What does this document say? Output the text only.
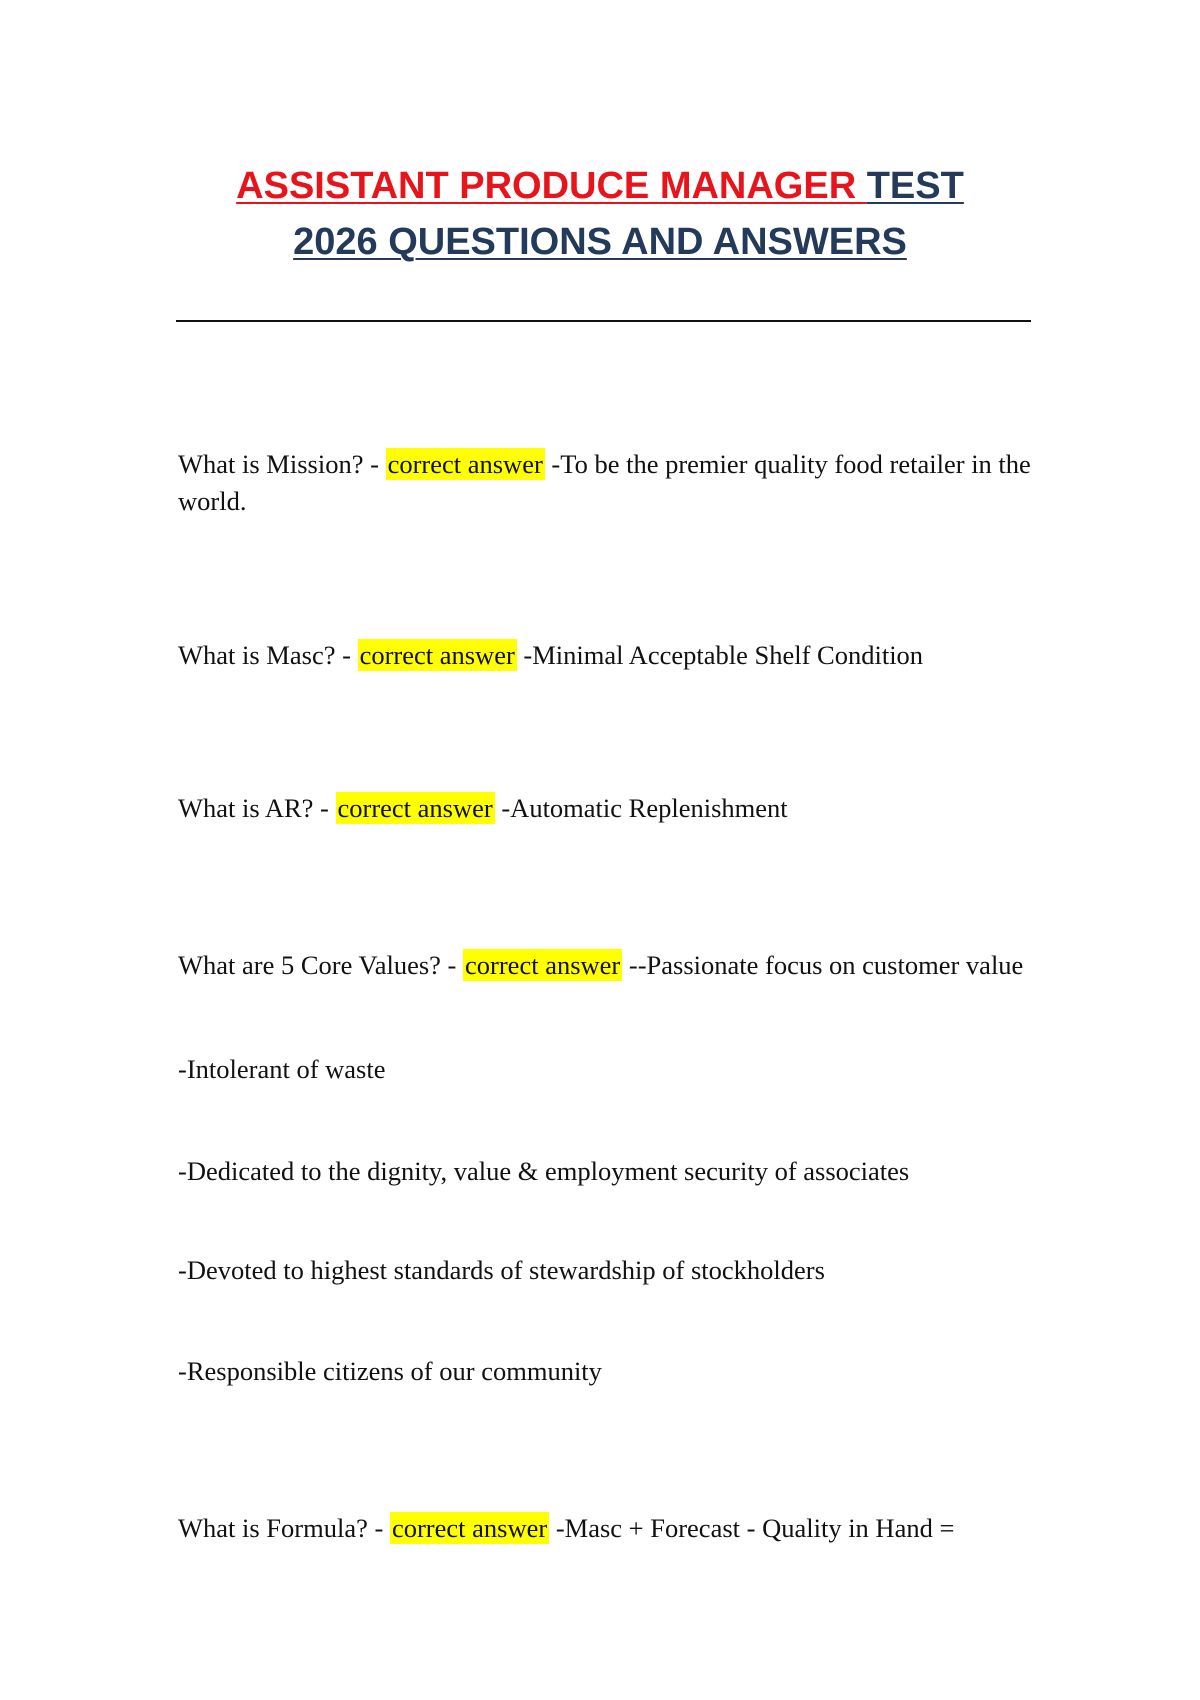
ASSISTANT PRODUCE MANAGER TEST
2026 QUESTIONS AND ANSWERS

What is Mission? - correct answer -To be the premier quality food retailer in the world.

What is Masc? - correct answer -Minimal Acceptable Shelf Condition

What is AR? - correct answer -Automatic Replenishment

What are 5 Core Values? - correct answer --Passionate focus on customer value

-Intolerant of waste

-Dedicated to the dignity, value & employment security of associates

-Devoted to highest standards of stewardship of stockholders

-Responsible citizens of our community

What is Formula? - correct answer -Masc + Forecast - Quality in Hand =
